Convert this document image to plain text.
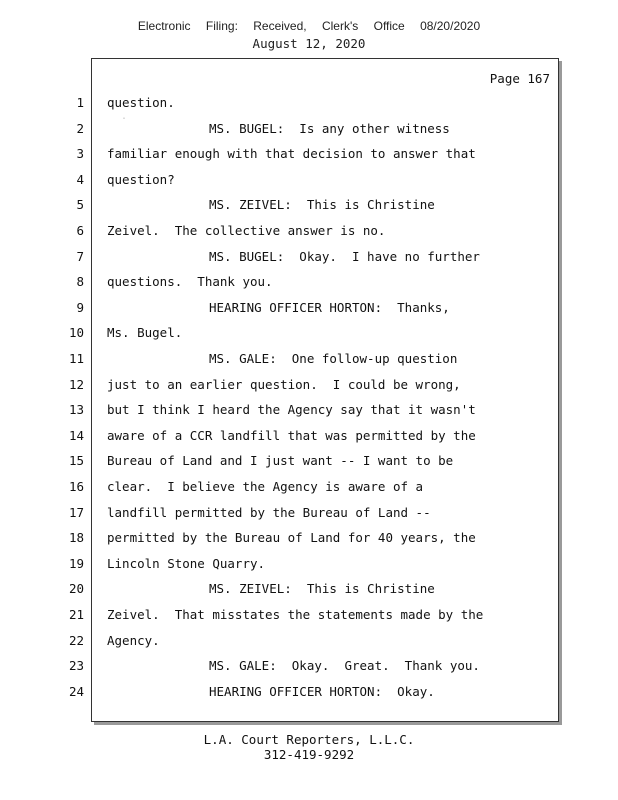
Electronic Filing: Received, Clerk's Office 08/20/2020
August 12, 2020
Page 167
˙
1 question.
2	MS. BUGEL:  Is any other witness
3 familiar enough with that decision to answer that
4 question?
5	MS. ZEIVEL:  This is Christine
6 Zeivel.  The collective answer is no.
7	MS. BUGEL:  Okay.  I have no further
8 questions.  Thank you.
9	HEARING OFFICER HORTON:  Thanks,
10 Ms. Bugel.
11	MS. GALE:  One follow-up question
12 just to an earlier question.  I could be wrong,
13 but I think I heard the Agency say that it wasn't
14 aware of a CCR landfill that was permitted by the
15 Bureau of Land and I just want -- I want to be
16 clear.  I believe the Agency is aware of a
17 landfill permitted by the Bureau of Land --
18 permitted by the Bureau of Land for 40 years, the
19 Lincoln Stone Quarry.
20	MS. ZEIVEL:  This is Christine
21 Zeivel.  That misstates the statements made by the
22 Agency.
23	MS. GALE:  Okay.  Great.  Thank you.
24	HEARING OFFICER HORTON:  Okay.
L.A. Court Reporters, L.L.C.
312-419-9292
